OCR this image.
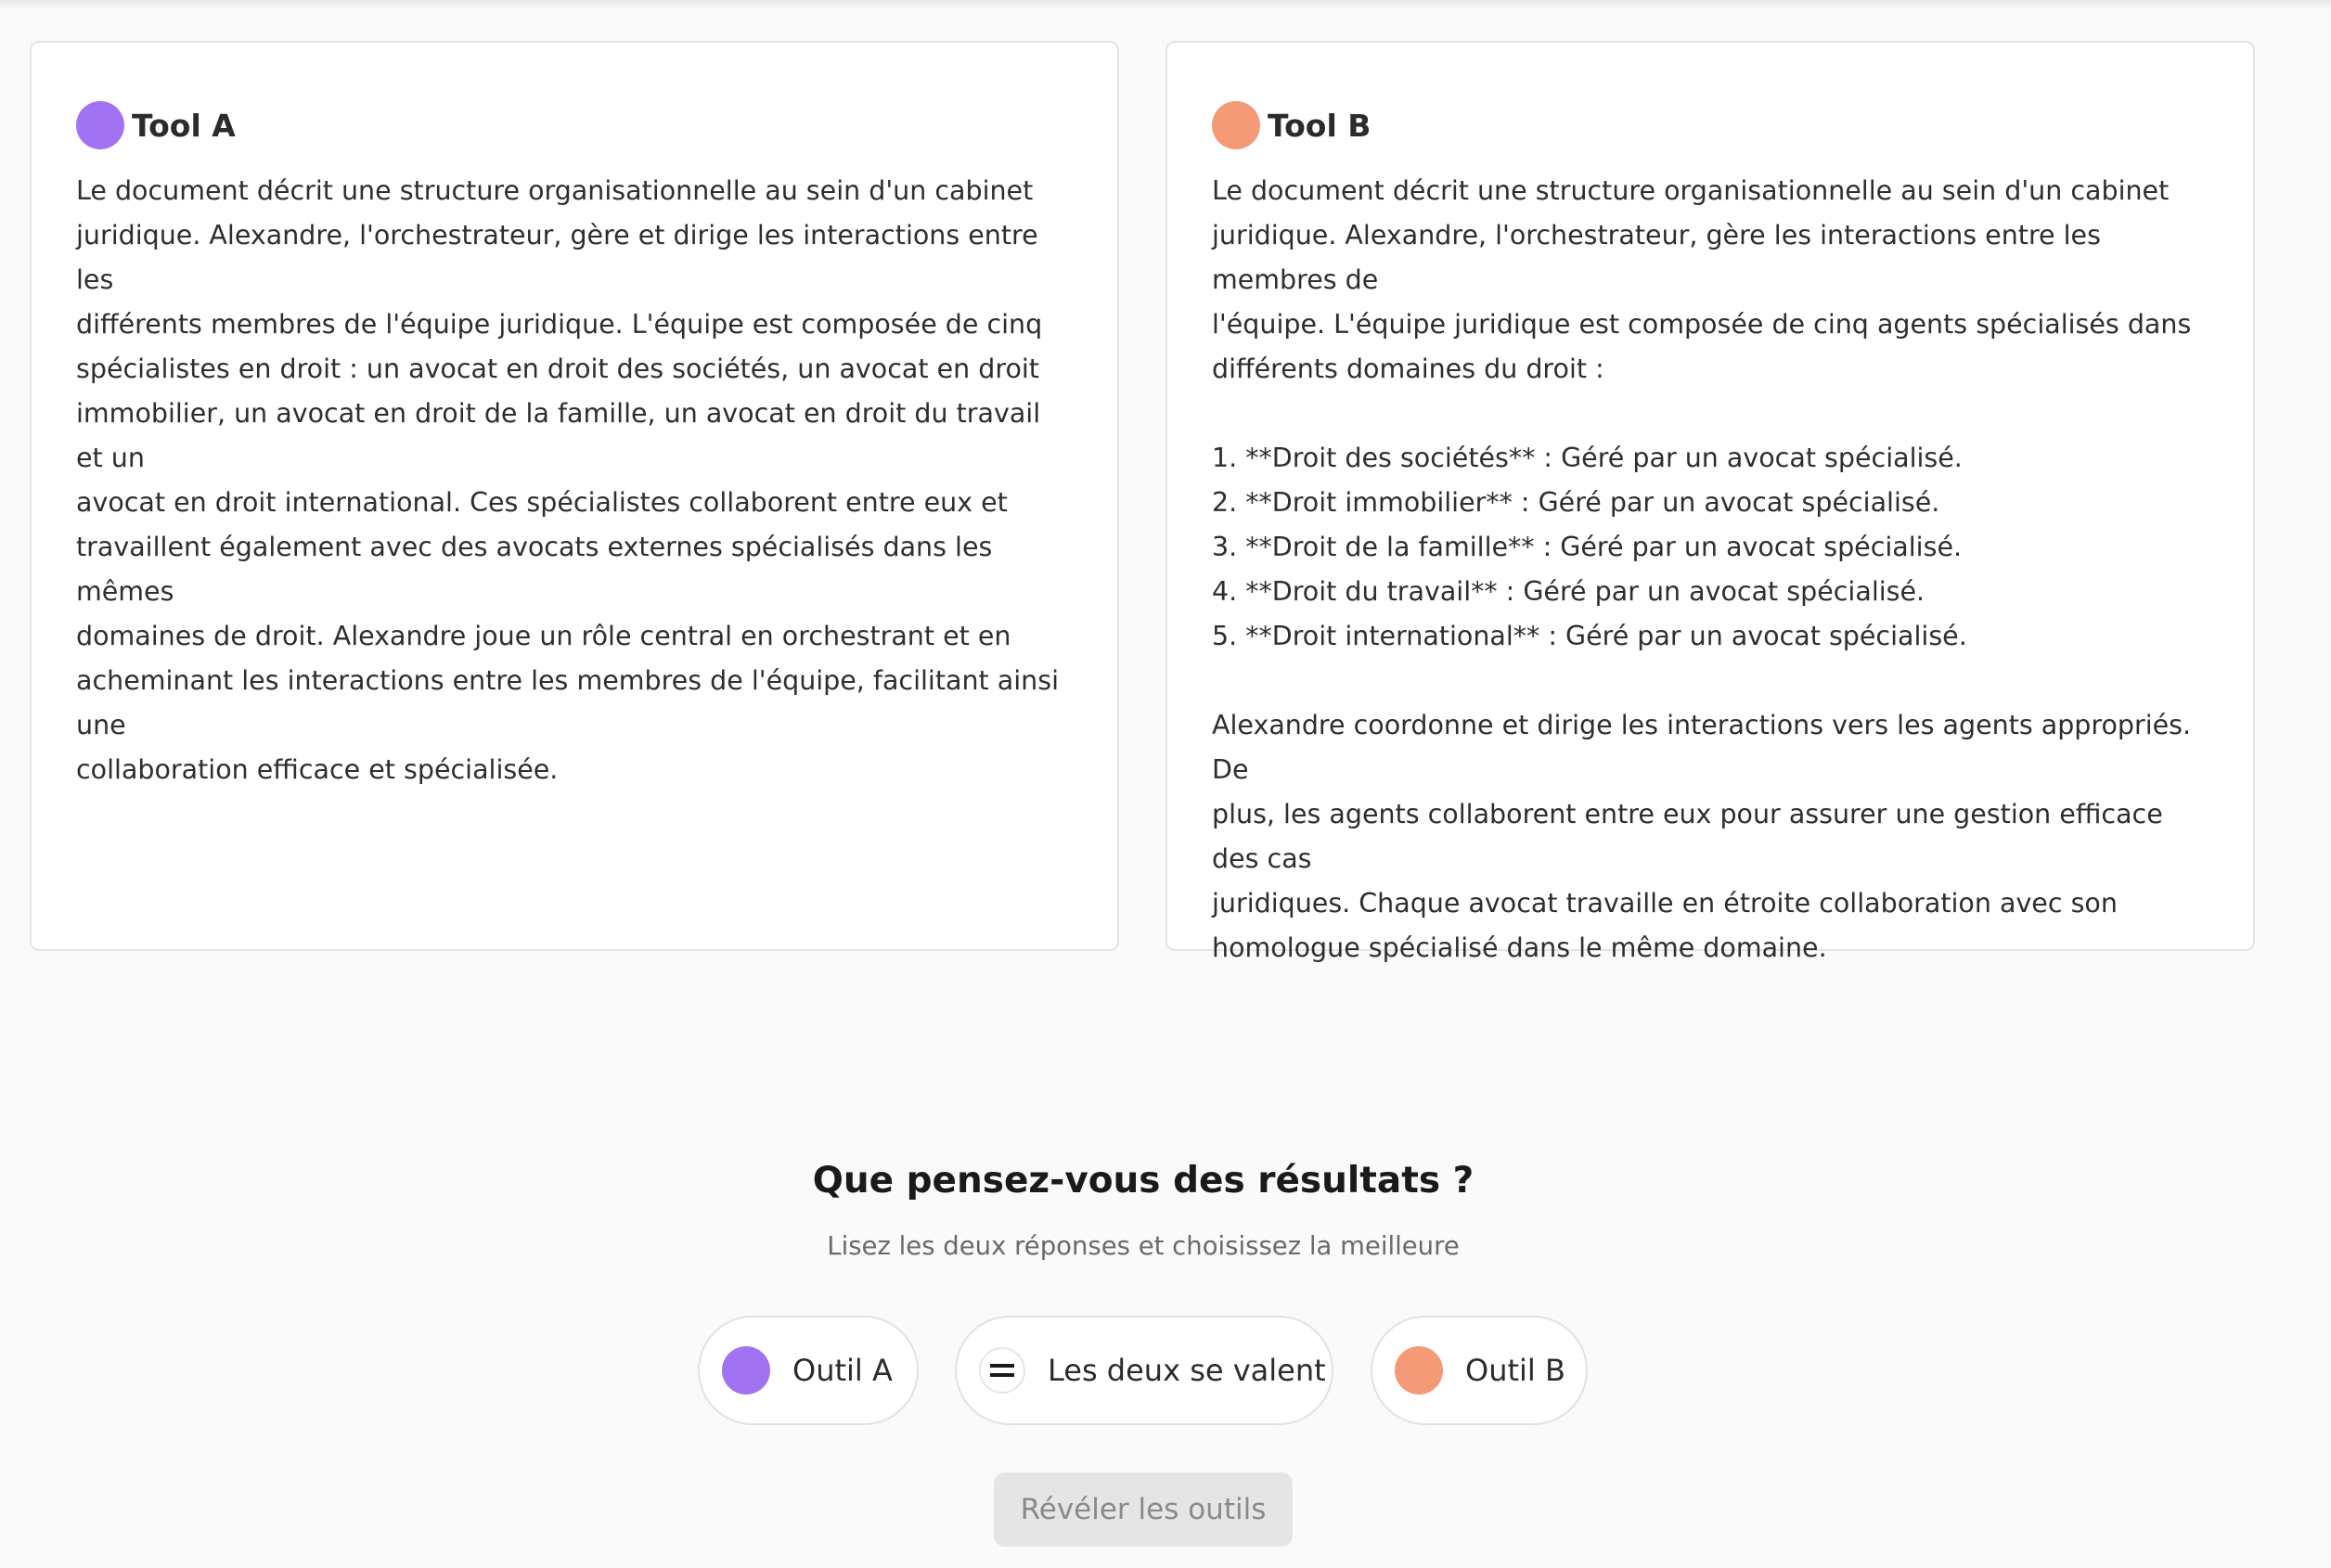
Tool A
Le document décrit une structure organisationnelle au sein d'un cabinet
juridique. Alexandre, l'orchestrateur, gère et dirige les interactions entre les
différents membres de l'équipe juridique. L'équipe est composée de cinq
spécialistes en droit : un avocat en droit des sociétés, un avocat en droit
immobilier, un avocat en droit de la famille, un avocat en droit du travail et un
avocat en droit international. Ces spécialistes collaborent entre eux et
travaillent également avec des avocats externes spécialisés dans les mêmes
domaines de droit. Alexandre joue un rôle central en orchestrant et en
acheminant les interactions entre les membres de l'équipe, facilitant ainsi une
collaboration efficace et spécialisée.
Tool B
Le document décrit une structure organisationnelle au sein d'un cabinet
juridique. Alexandre, l'orchestrateur, gère les interactions entre les membres de
l'équipe. L'équipe juridique est composée de cinq agents spécialisés dans
différents domaines du droit :

1. **Droit des sociétés** : Géré par un avocat spécialisé.
2. **Droit immobilier** : Géré par un avocat spécialisé.
3. **Droit de la famille** : Géré par un avocat spécialisé.
4. **Droit du travail** : Géré par un avocat spécialisé.
5. **Droit international** : Géré par un avocat spécialisé.

Alexandre coordonne et dirige les interactions vers les agents appropriés. De
plus, les agents collaborent entre eux pour assurer une gestion efficace des cas
juridiques. Chaque avocat travaille en étroite collaboration avec son
homologue spécialisé dans le même domaine.
Que pensez-vous des résultats ?
Lisez les deux réponses et choisissez la meilleure
Outil A	Les deux se valent	Outil B
Révéler les outils
